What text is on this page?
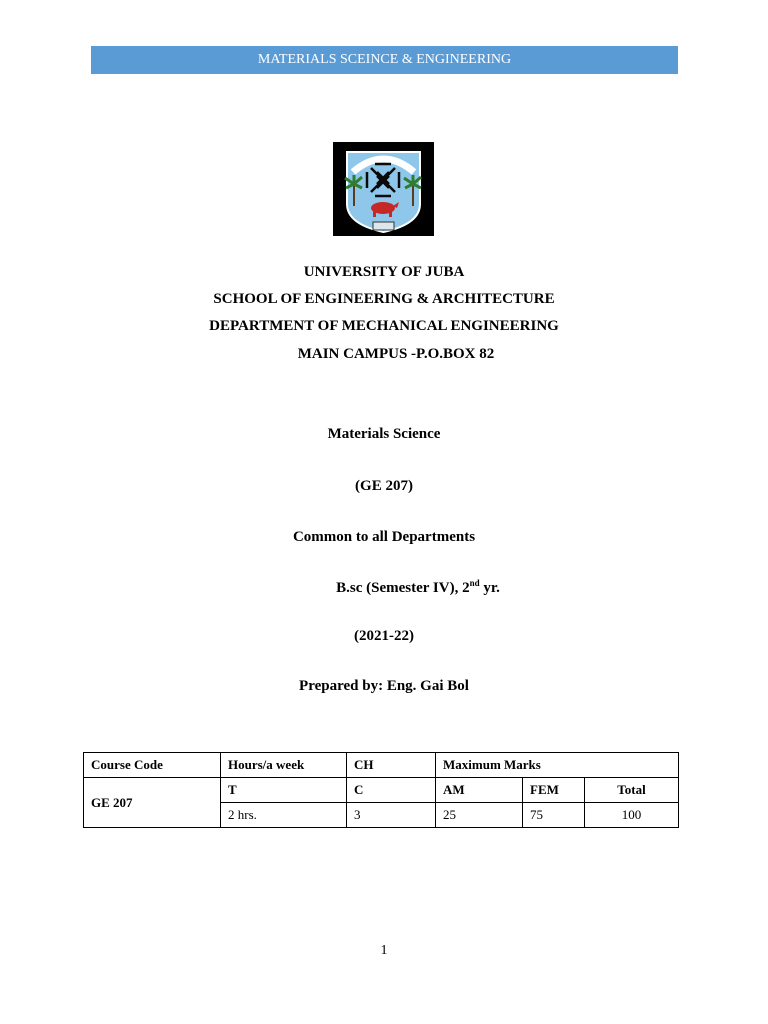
MATERIALS SCEINCE & ENGINEERING
UNIVERSITY OF JUBA
SCHOOL OF ENGINEERING & ARCHITECTURE
DEPARTMENT OF MECHANICAL ENGINEERING
MAIN CAMPUS -P.O.BOX 82
Materials Science
(GE 207)
Common to all Departments
B.sc (Semester IV), 2nd yr.
(2021-22)
Prepared by: Eng. Gai Bol
Course Code	Hours/a week	CH	Maximum Marks		
GE 207	T	C	AM	FEM	Total
	2 hrs.	3	25	75	100
1
